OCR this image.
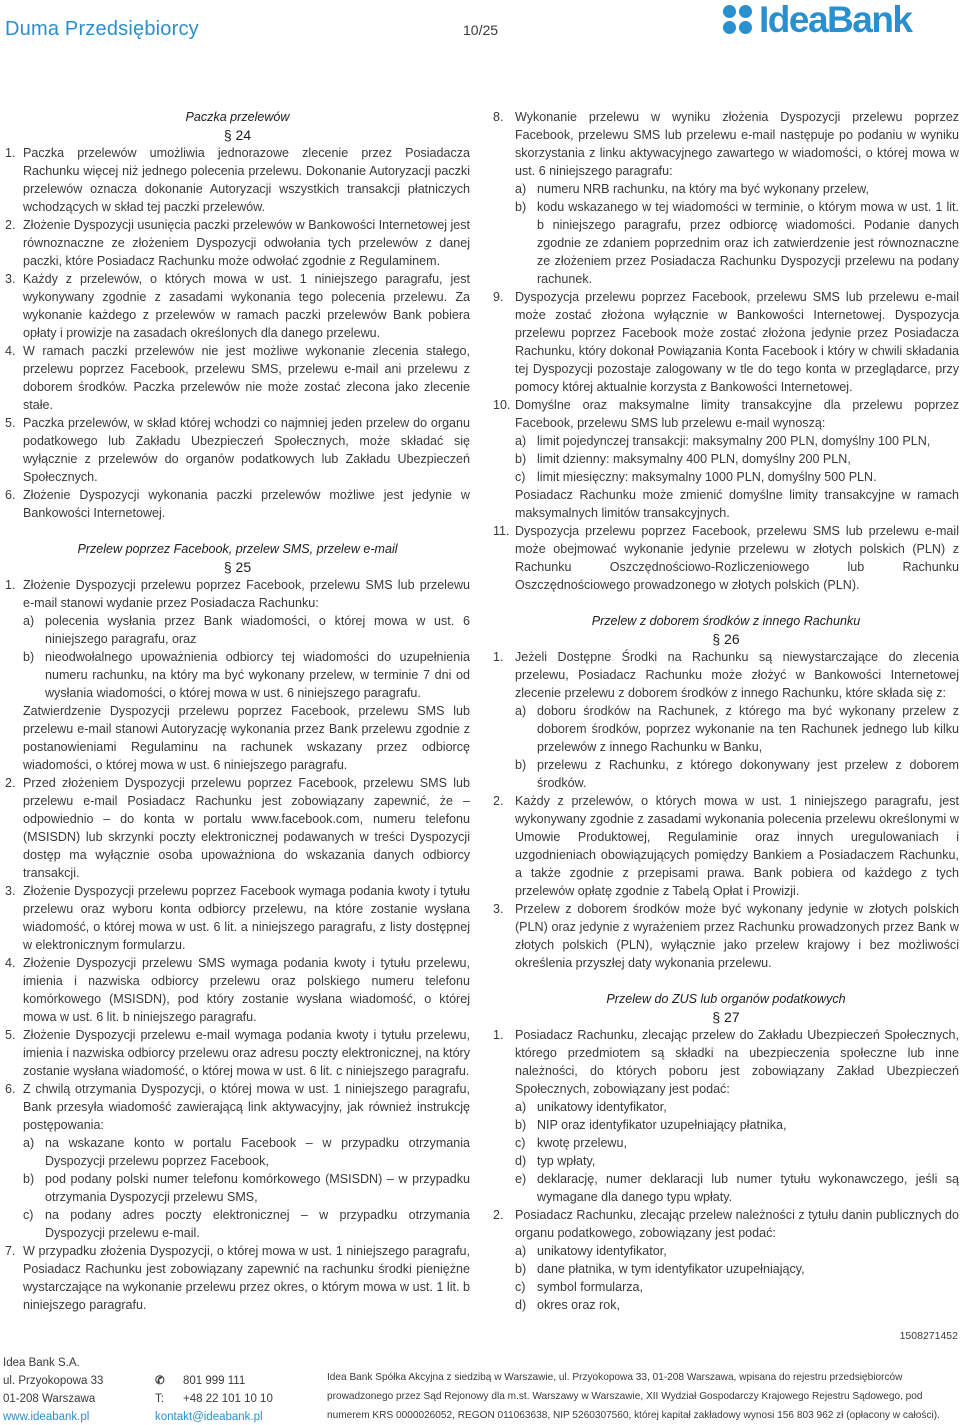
Duma Przedsiębiorcy	10/25	IdeaBank
Paczka przelewów
§ 24
1. Paczka przelewów umożliwia jednorazowe zlecenie przez Posiadacza Rachunku więcej niż jednego polecenia przelewu. Dokonanie Autoryzacji paczki przelewów oznacza dokonanie Autoryzacji wszystkich transakcji płatniczych wchodzących w skład tej paczki przelewów.
2. Złożenie Dyspozycji usunięcia paczki przelewów w Bankowości Internetowej jest równoznaczne ze złożeniem Dyspozycji odwołania tych przelewów z danej paczki, które Posiadacz Rachunku może odwołać zgodnie z Regulaminem.
3. Każdy z przelewów, o których mowa w ust. 1 niniejszego paragrafu, jest wykonywany zgodnie z zasadami wykonania tego polecenia przelewu. Za wykonanie każdego z przelewów w ramach paczki przelewów Bank pobiera opłaty i prowizje na zasadach określonych dla danego przelewu.
4. W ramach paczki przelewów nie jest możliwe wykonanie zlecenia stałego, przelewu poprzez Facebook, przelewu SMS, przelewu e-mail ani przelewu z doborem środków. Paczka przelewów nie może zostać zlecona jako zlecenie stałe.
5. Paczka przelewów, w skład której wchodzi co najmniej jeden przelew do organu podatkowego lub Zakładu Ubezpieczeń Społecznych, może składać się wyłącznie z przelewów do organów podatkowych lub Zakładu Ubezpieczeń Społecznych.
6. Złożenie Dyspozycji wykonania paczki przelewów możliwe jest jedynie w Bankowości Internetowej.
Przelew poprzez Facebook, przelew SMS, przelew e-mail
§ 25
1. Złożenie Dyspozycji przelewu poprzez Facebook, przelewu SMS lub przelewu e-mail stanowi wydanie przez Posiadacza Rachunku:
a) polecenia wysłania przez Bank wiadomości, o której mowa w ust. 6 niniejszego paragrafu, oraz
b) nieodwołalnego upoważnienia odbiorcy tej wiadomości do uzupełnienia numeru rachunku, na który ma być wykonany przelew, w terminie 7 dni od wysłania wiadomości, o której mowa w ust. 6 niniejszego paragrafu.
Zatwierdzenie Dyspozycji przelewu poprzez Facebook, przelewu SMS lub przelewu e-mail stanowi Autoryzację wykonania przez Bank przelewu zgodnie z postanowieniami Regulaminu na rachunek wskazany przez odbiorcę wiadomości, o której mowa w ust. 6 niniejszego paragrafu.
2. Przed złożeniem Dyspozycji przelewu poprzez Facebook, przelewu SMS lub przelewu e-mail Posiadacz Rachunku jest zobowiązany zapewnić, że – odpowiednio – do konta w portalu www.facebook.com, numeru telefonu (MSISDN) lub skrzynki poczty elektronicznej podawanych w treści Dyspozycji dostęp ma wyłącznie osoba upoważniona do wskazania danych odbiorcy transakcji.
3. Złożenie Dyspozycji przelewu poprzez Facebook wymaga podania kwoty i tytułu przelewu oraz wyboru konta odbiorcy przelewu, na które zostanie wysłana wiadomość, o której mowa w ust. 6 lit. a niniejszego paragrafu, z listy dostępnej w elektronicznym formularzu.
4. Złożenie Dyspozycji przelewu SMS wymaga podania kwoty i tytułu przelewu, imienia i nazwiska odbiorcy przelewu oraz polskiego numeru telefonu komórkowego (MSISDN), pod który zostanie wysłana wiadomość, o której mowa w ust. 6 lit. b niniejszego paragrafu.
5. Złożenie Dyspozycji przelewu e-mail wymaga podania kwoty i tytułu przelewu, imienia i nazwiska odbiorcy przelewu oraz adresu poczty elektronicznej, na który zostanie wysłana wiadomość, o której mowa w ust. 6 lit. c niniejszego paragrafu.
6. Z chwilą otrzymania Dyspozycji, o której mowa w ust. 1 niniejszego paragrafu, Bank przesyła wiadomość zawierającą link aktywacyjny, jak również instrukcję postępowania:
a) na wskazane konto w portalu Facebook – w przypadku otrzymania Dyspozycji przelewu poprzez Facebook,
b) pod podany polski numer telefonu komórkowego (MSISDN) – w przypadku otrzymania Dyspozycji przelewu SMS,
c) na podany adres poczty elektronicznej – w przypadku otrzymania Dyspozycji przelewu e-mail.
7. W przypadku złożenia Dyspozycji, o której mowa w ust. 1 niniejszego paragrafu, Posiadacz Rachunku jest zobowiązany zapewnić na rachunku środki pieniężne wystarczające na wykonanie przelewu przez okres, o którym mowa w ust. 1 lit. b niniejszego paragrafu.
8. Wykonanie przelewu w wyniku złożenia Dyspozycji przelewu poprzez Facebook, przelewu SMS lub przelewu e-mail następuje po podaniu w wyniku skorzystania z linku aktywacyjnego zawartego w wiadomości, o której mowa w ust. 6 niniejszego paragrafu:
a) numeru NRB rachunku, na który ma być wykonany przelew,
b) kodu wskazanego w tej wiadomości w terminie, o którym mowa w ust. 1 lit. b niniejszego paragrafu, przez odbiorcę wiadomości. Podanie danych zgodnie ze zdaniem poprzednim oraz ich zatwierdzenie jest równoznaczne ze złożeniem przez Posiadacza Rachunku Dyspozycji przelewu na podany rachunek.
9. Dyspozycja przelewu poprzez Facebook, przelewu SMS lub przelewu e-mail może zostać złożona wyłącznie w Bankowości Internetowej. Dyspozycja przelewu poprzez Facebook może zostać złożona jedynie przez Posiadacza Rachunku, który dokonał Powiązania Konta Facebook i który w chwili składania tej Dyspozycji pozostaje zalogowany w tle do tego konta w przeglądarce, przy pomocy której aktualnie korzysta z Bankowości Internetowej.
10. Domyślne oraz maksymalne limity transakcyjne dla przelewu poprzez Facebook, przelewu SMS lub przelewu e-mail wynoszą:
a) limit pojedynczej transakcji: maksymalny 200 PLN, domyślny 100 PLN,
b) limit dzienny: maksymalny 400 PLN, domyślny 200 PLN,
c) limit miesięczny: maksymalny 1000 PLN, domyślny 500 PLN.
Posiadacz Rachunku może zmienić domyślne limity transakcyjne w ramach maksymalnych limitów transakcyjnych.
11. Dyspozycja przelewu poprzez Facebook, przelewu SMS lub przelewu e-mail może obejmować wykonanie jedynie przelewu w złotych polskich (PLN) z Rachunku Oszczędnościowo-Rozliczeniowego lub Rachunku Oszczędnościowego prowadzonego w złotych polskich (PLN).
Przelew z doborem środków z innego Rachunku
§ 26
1. Jeżeli Dostępne Środki na Rachunku są niewystarczające do zlecenia przelewu, Posiadacz Rachunku może złożyć w Bankowości Internetowej zlecenie przelewu z doborem środków z innego Rachunku, które składa się z:
a) doboru środków na Rachunek, z którego ma być wykonany przelew z doborem środków, poprzez wykonanie na ten Rachunek jednego lub kilku przelewów z innego Rachunku w Banku,
b) przelewu z Rachunku, z którego dokonywany jest przelew z doborem środków.
2. Każdy z przelewów, o których mowa w ust. 1 niniejszego paragrafu, jest wykonywany zgodnie z zasadami wykonania polecenia przelewu określonymi w Umowie Produktowej, Regulaminie oraz innych uregulowaniach i uzgodnieniach obowiązujących pomiędzy Bankiem a Posiadaczem Rachunku, a także zgodnie z przepisami prawa. Bank pobiera od każdego z tych przelewów opłatę zgodnie z Tabelą Opłat i Prowizji.
3. Przelew z doborem środków może być wykonany jedynie w złotych polskich (PLN) oraz jedynie z wyrażeniem przez Rachunku prowadzonych przez Bank w złotych polskich (PLN), wyłącznie jako przelew krajowy i bez możliwości określenia przyszłej daty wykonania przelewu.
Przelew do ZUS lub organów podatkowych
§ 27
1. Posiadacz Rachunku, zlecając przelew do Zakładu Ubezpieczeń Społecznych, którego przedmiotem są składki na ubezpieczenia społeczne lub inne należności, do których poboru jest zobowiązany Zakład Ubezpieczeń Społecznych, zobowiązany jest podać:
a) unikatowy identyfikator,
b) NIP oraz identyfikator uzupełniający płatnika,
c) kwotę przelewu,
d) typ wpłaty,
e) deklarację, numer deklaracji lub numer tytułu wykonawczego, jeśli są wymagane dla danego typu wpłaty.
2. Posiadacz Rachunku, zlecając przelew należności z tytułu danin publicznych do organu podatkowego, zobowiązany jest podać:
a) unikatowy identyfikator,
b) dane płatnika, w tym identyfikator uzupełniający,
c) symbol formularza,
d) okres oraz rok,
1508271452
Idea Bank S.A.
ul. Przyokopowa 33
01-208 Warszawa
www.ideabank.pl
✆	801 999 111
T: +48 22 101 10 10
kontakt@ideabank.pl
Idea Bank Spółka Akcyjna z siedzibą w Warszawie, ul. Przyokopowa 33, 01-208 Warszawa, wpisana do rejestru przedsiębiorców prowadzonego przez Sąd Rejonowy dla m.st. Warszawy w Warszawie, XII Wydział Gospodarczy Krajowego Rejestru Sądowego, pod numerem KRS 0000026052, REGON 011063638, NIP 5260307560, której kapitał zakładowy wynosi 156 803 962 zł (opłacony w całości).
